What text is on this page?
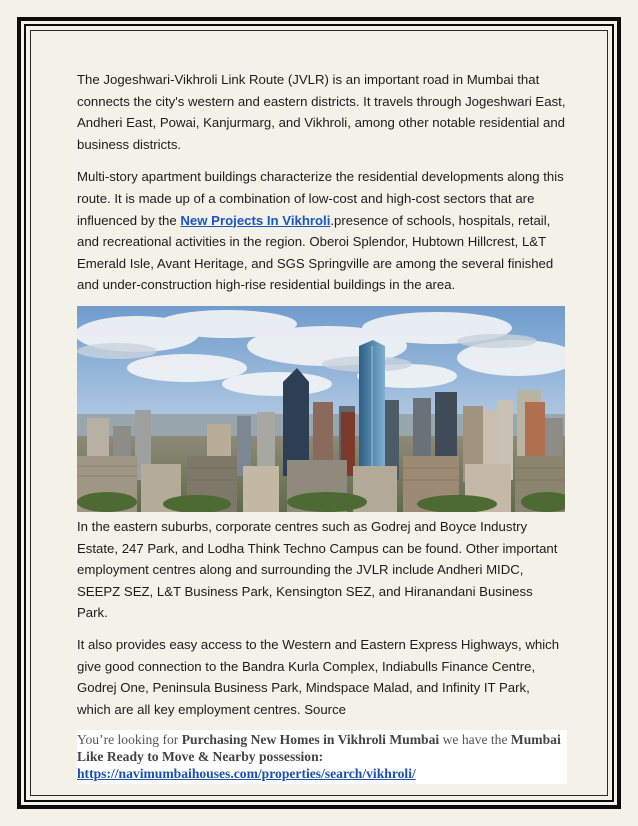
The Jogeshwari-Vikhroli Link Route (JVLR) is an important road in Mumbai that connects the city's western and eastern districts. It travels through Jogeshwari East, Andheri East, Powai, Kanjurmarg, and Vikhroli, among other notable residential and business districts.

Multi-story apartment buildings characterize the residential developments along this route. It is made up of a combination of low-cost and high-cost sectors that are influenced by the New Projects In Vikhroli.presence of schools, hospitals, retail, and recreational activities in the region. Oberoi Splendor, Hubtown Hillcrest, L&T Emerald Isle, Avant Heritage, and SGS Springville are among the several finished and under-construction high-rise residential buildings in the area.

In the eastern suburbs, corporate centres such as Godrej and Boyce Industry Estate, 247 Park, and Lodha Think Techno Campus can be found. Other important employment centres along and surrounding the JVLR include Andheri MIDC, SEEPZ SEZ, L&T Business Park, Kensington SEZ, and Hiranandani Business Park.

It also provides easy access to the Western and Eastern Express Highways, which give good connection to the Bandra Kurla Complex, Indiabulls Finance Centre, Godrej One, Peninsula Business Park, Mindspace Malad, and Infinity IT Park, which are all key employment centres. Source

You’re looking for Purchasing New Homes in Vikhroli Mumbai we have the Mumbai Like Ready to Move & Nearby possession: https://navimumbaihouses.com/properties/search/vikhroli/
